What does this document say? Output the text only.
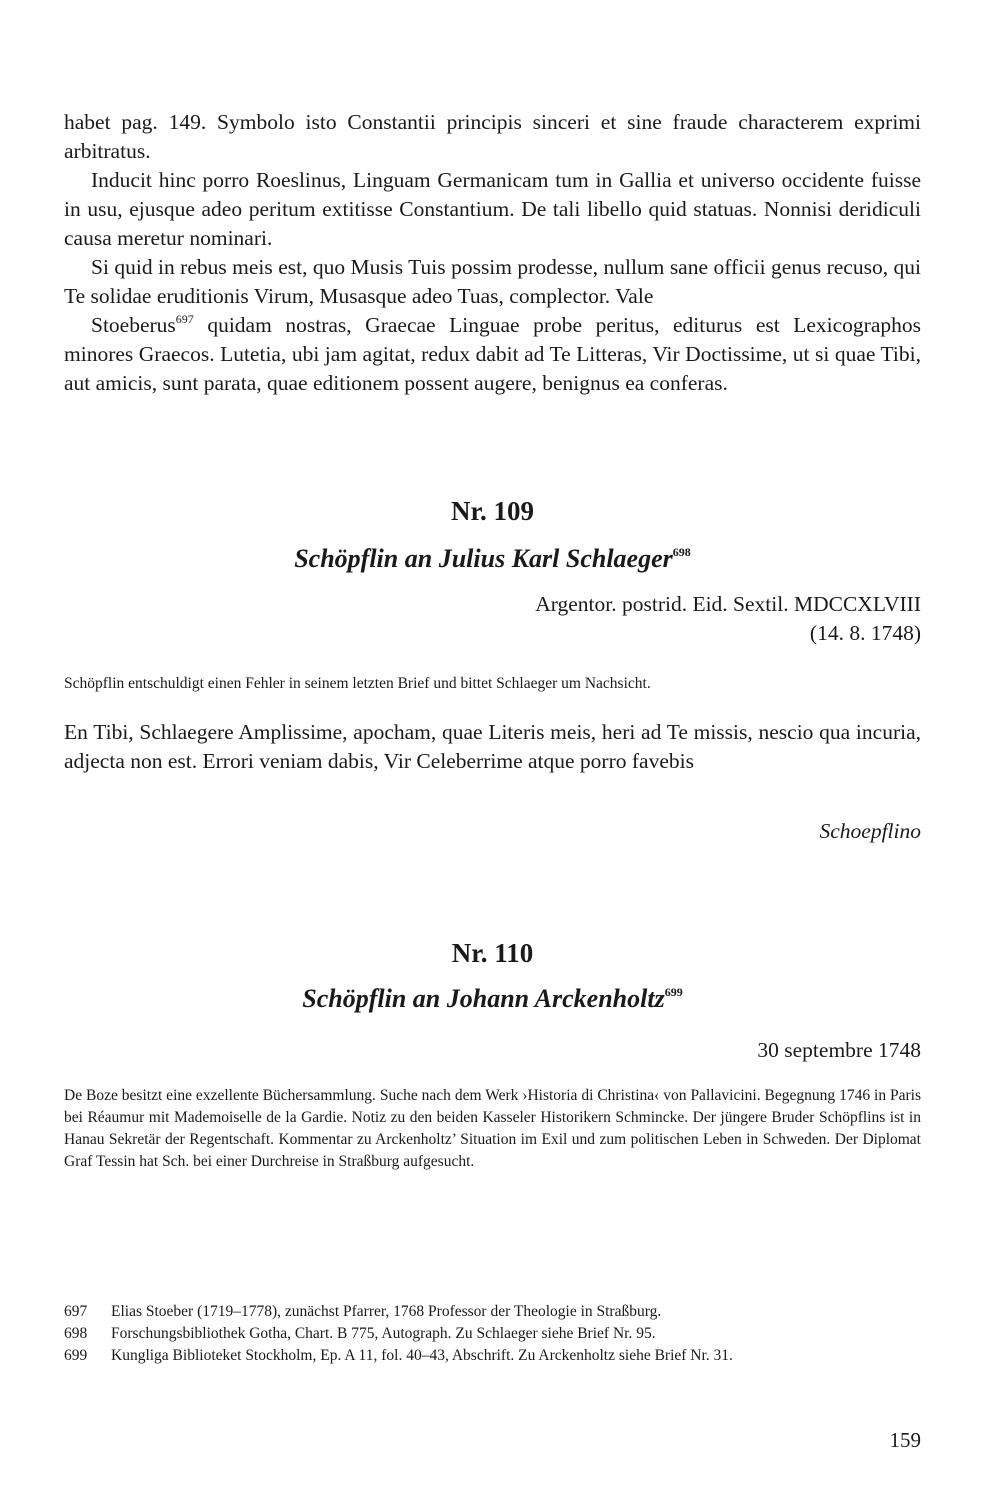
habet pag. 149. Symbolo isto Constantii principis sinceri et sine fraude characterem exprimi arbitratus.

Inducit hinc porro Roeslinus, Linguam Germanicam tum in Gallia et universo occidente fuisse in usu, ejusque adeo peritum extitisse Constantium. De tali libello quid statuas. Nonnisi deridiculi causa meretur nominari.

Si quid in rebus meis est, quo Musis Tuis possim prodesse, nullum sane officii genus recuso, qui Te solidae eruditionis Virum, Musasque adeo Tuas, complector. Vale

Stoeberus$^{697}$ quidam nostras, Graecae Linguae probe peritus, editurus est Lexicographos minores Graecos. Lutetia, ubi jam agitat, redux dabit ad Te Litteras, Vir Doctissime, ut si quae Tibi, aut amicis, sunt parata, quae editionem possent augere, benignus ea conferas.

Nr. 109
Schöpflin an Julius Karl Schlaeger$^{698}$

Argentor. postrid. Eid. Sextil. MDCCXLVIII

(14. 8. 1748)

Schöpflin entschuldigt einen Fehler in seinem letzten Brief und bittet Schlaeger um Nachsicht.

En Tibi, Schlaegere Amplissime, apocham, quae Literis meis, heri ad Te missis, nescio qua incuria, adjecta non est. Errori veniam dabis, Vir Celeberrime atque porro favebis

Schoepflino

Nr. 110
Schöpflin an Johann Arckenholtz$^{699}$

30 septembre 1748

De Boze besitzt eine exzellente Büchersammlung. Suche nach dem Werk ›Historia di Christina‹ von Pallavicini. Begegnung 1746 in Paris bei Réaumur mit Mademoiselle de la Gardie. Notiz zu den beiden Kasseler Historikern Schmincke. Der jüngere Bruder Schöpflins ist in Hanau Sekretär der Regentschaft. Kommentar zu Arckenholtz’ Situation im Exil und zum politischen Leben in Schweden. Der Diplomat Graf Tessin hat Sch. bei einer Durchreise in Straßburg aufgesucht.

697	Elias Stoeber (1719–1778), zunächst Pfarrer, 1768 Professor der Theologie in Straßburg.
698	Forschungsbibliothek Gotha, Chart. B 775, Autograph. Zu Schlaeger siehe Brief Nr. 95.
699	Kungliga Biblioteket Stockholm, Ep. A 11, fol. 40–43, Abschrift. Zu Arckenholtz siehe Brief Nr. 31.

159
